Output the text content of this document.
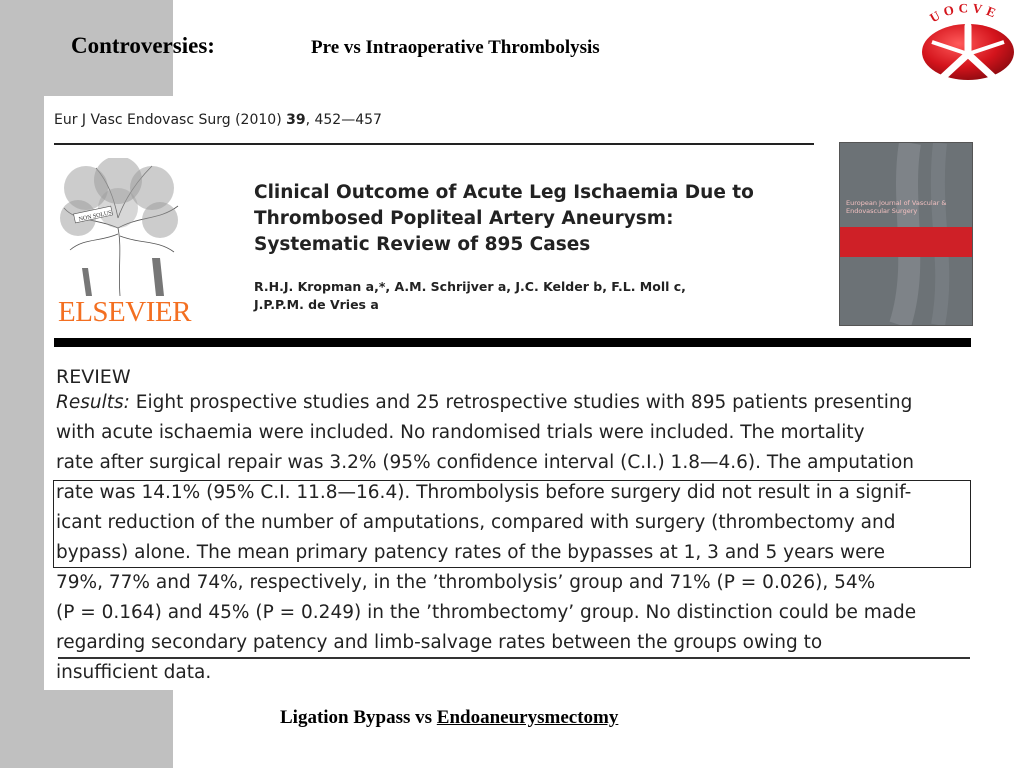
Controversies:	Pre vs Intraoperative Thrombolysis
UOCVE
Eur J Vasc Endovasc Surg (2010) 39, 452—457
NON SOLUS
ELSEVIER
Clinical Outcome of Acute Leg Ischaemia Due to
Thrombosed Popliteal Artery Aneurysm:
Systematic Review of 895 Cases
R.H.J. Kropman a,*, A.M. Schrijver a, J.C. Kelder b, F.L. Moll c,
J.P.P.M. de Vries a
European Journal of Vascular & Endovascular Surgery
REVIEW
Results: Eight prospective studies and 25 retrospective studies with 895 patients presenting
with acute ischaemia were included. No randomised trials were included. The mortality
rate after surgical repair was 3.2% (95% confidence interval (C.I.) 1.8—4.6). The amputation
rate was 14.1% (95% C.I. 11.8—16.4). Thrombolysis before surgery did not result in a signif-
icant reduction of the number of amputations, compared with surgery (thrombectomy and
bypass) alone. The mean primary patency rates of the bypasses at 1, 3 and 5 years were
79%, 77% and 74%, respectively, in the ’thrombolysis’ group and 71% (P = 0.026), 54%
(P = 0.164) and 45% (P = 0.249) in the ’thrombectomy’ group. No distinction could be made
regarding secondary patency and limb-salvage rates between the groups owing to
insufficient data.
Ligation Bypass vs Endoaneurysmectomy
